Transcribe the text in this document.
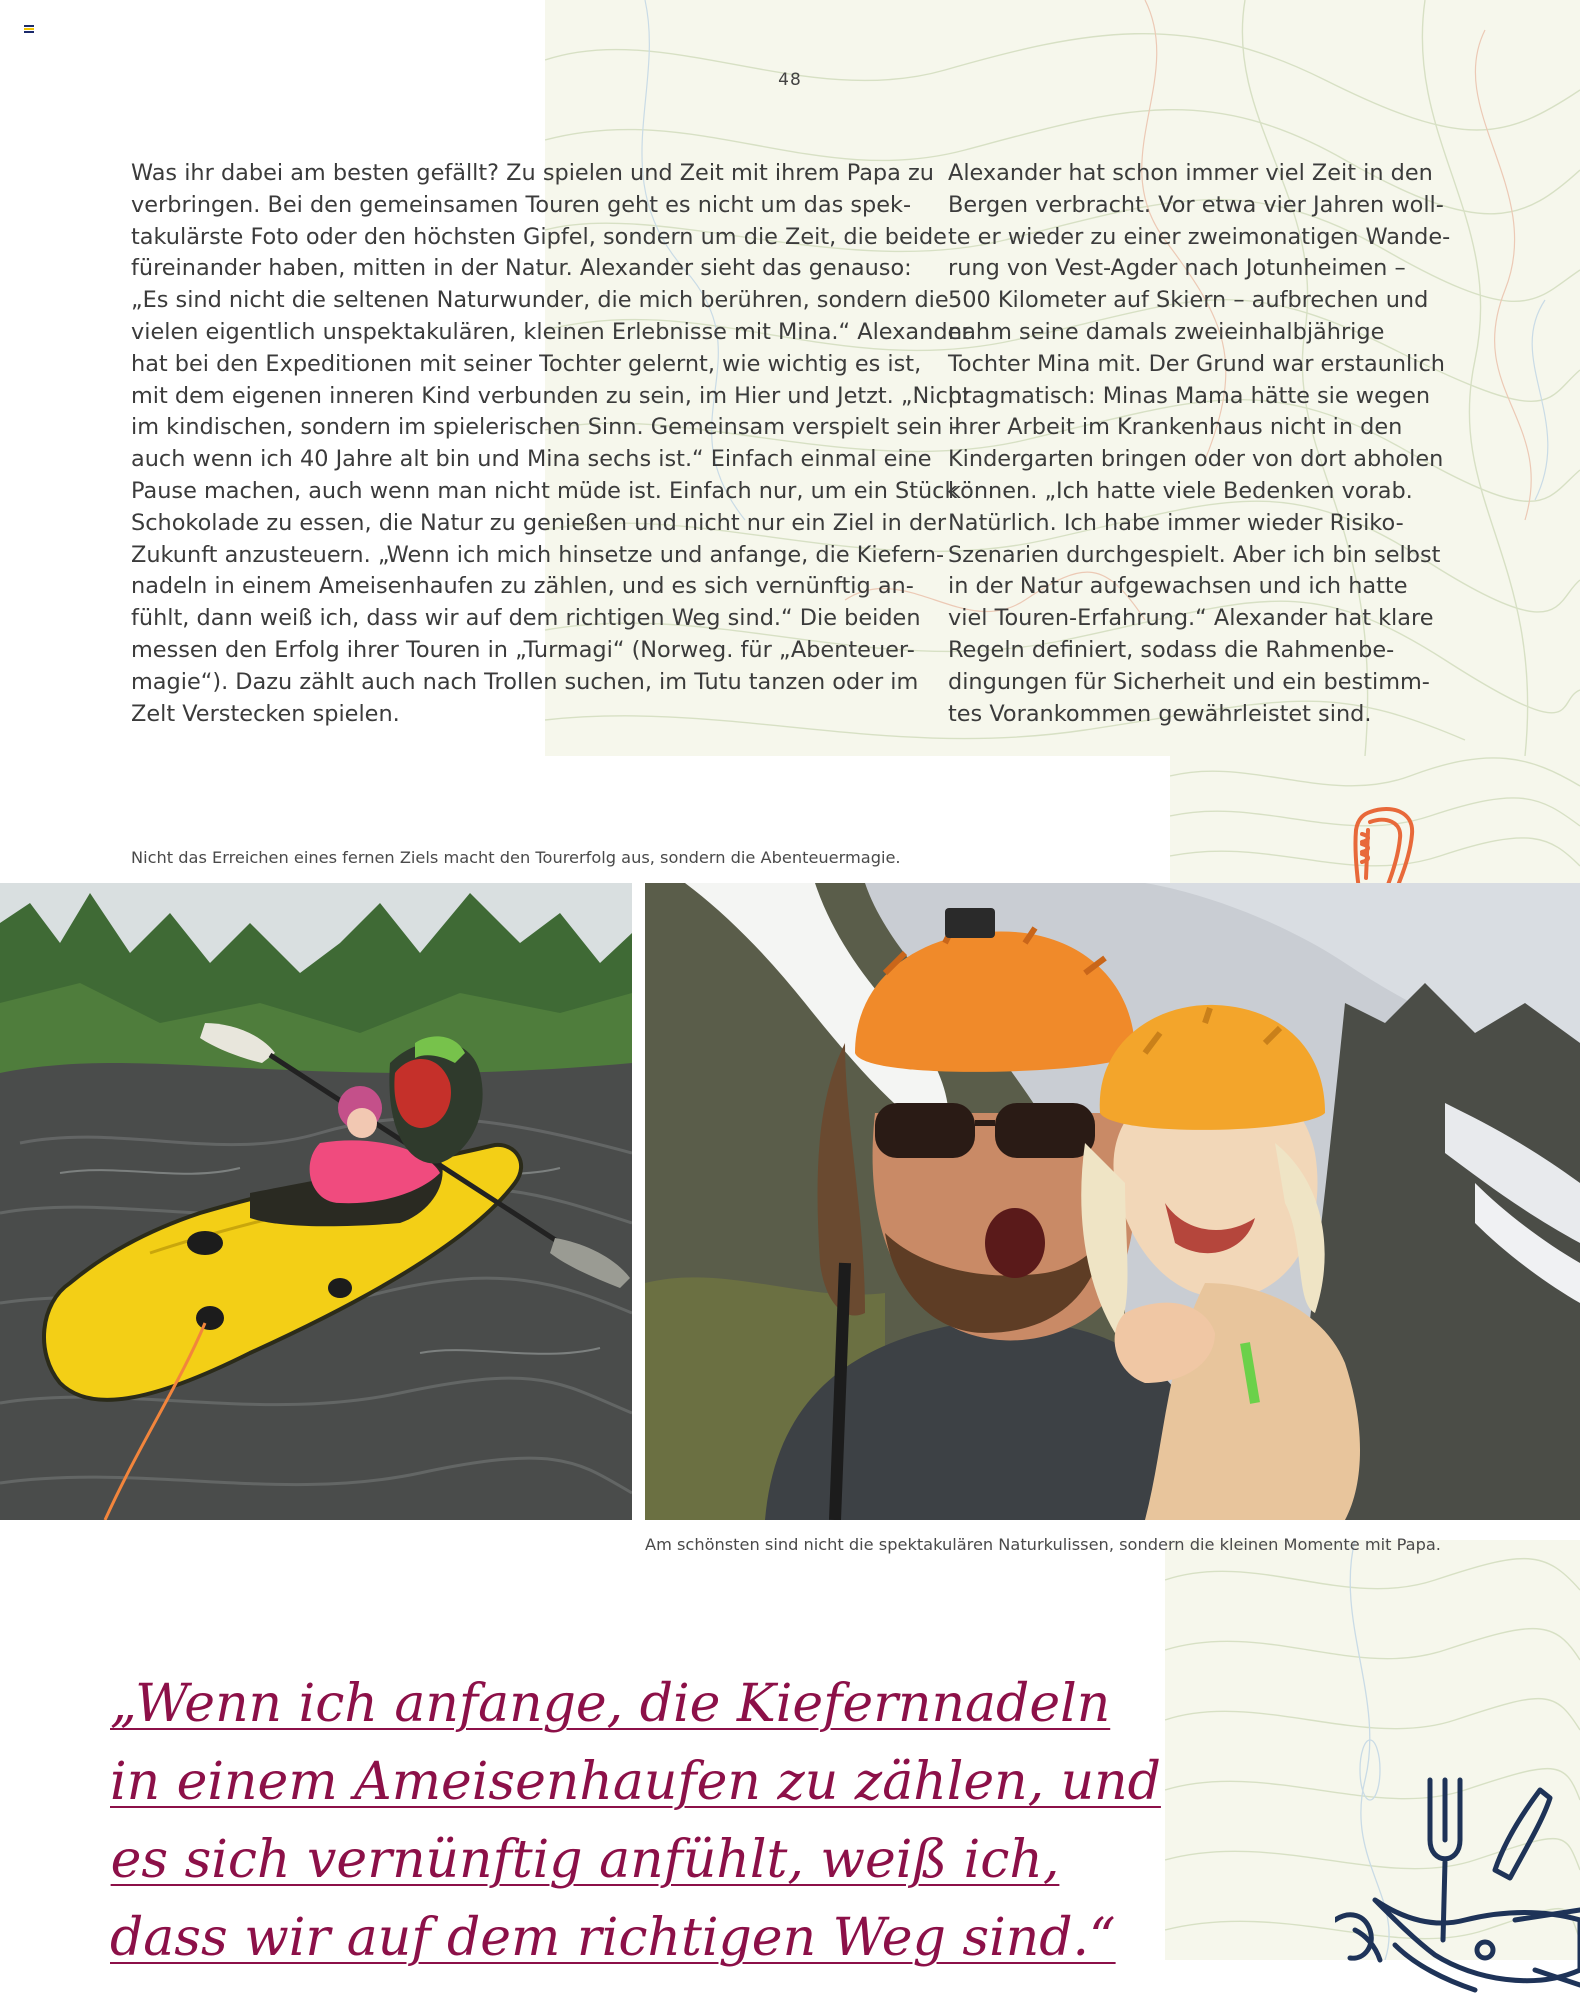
48

Was ihr dabei am besten gefällt? Zu spielen und Zeit mit ihrem Papa zu
verbringen. Bei den gemeinsamen Touren geht es nicht um das spek-
takulärste Foto oder den höchsten Gipfel, sondern um die Zeit, die beide
füreinander haben, mitten in der Natur. Alexander sieht das genauso:
„Es sind nicht die seltenen Naturwunder, die mich berühren, sondern die
vielen eigentlich unspektakulären, kleinen Erlebnisse mit Mina.“ Alexander
hat bei den Expeditionen mit seiner Tochter gelernt, wie wichtig es ist,
mit dem eigenen inneren Kind verbunden zu sein, im Hier und Jetzt. „Nicht
im kindischen, sondern im spielerischen Sinn. Gemeinsam verspielt sein –
auch wenn ich 40 Jahre alt bin und Mina sechs ist.“ Einfach einmal eine
Pause machen, auch wenn man nicht müde ist. Einfach nur, um ein Stück
Schokolade zu essen, die Natur zu genießen und nicht nur ein Ziel in der
Zukunft anzusteuern. „Wenn ich mich hinsetze und anfange, die Kiefern-
nadeln in einem Ameisenhaufen zu zählen, und es sich vernünftig an-
fühlt, dann weiß ich, dass wir auf dem richtigen Weg sind.“ Die beiden
messen den Erfolg ihrer Touren in „Turmagi“ (Norweg. für „Abenteuer-
magie“). Dazu zählt auch nach Trollen suchen, im Tutu tanzen oder im
Zelt Verstecken spielen.

Alexander hat schon immer viel Zeit in den
Bergen verbracht. Vor etwa vier Jahren woll-
te er wieder zu einer zweimonatigen Wande-
rung von Vest-Agder nach Jotunheimen –
500 Kilometer auf Skiern – aufbrechen und
nahm seine damals zweieinhalbjährige
Tochter Mina mit. Der Grund war erstaunlich
pragmatisch: Minas Mama hätte sie wegen
ihrer Arbeit im Krankenhaus nicht in den
Kindergarten bringen oder von dort abholen
können. „Ich hatte viele Bedenken vorab.
Natürlich. Ich habe immer wieder Risiko-
Szenarien durchgespielt. Aber ich bin selbst
in der Natur aufgewachsen und ich hatte
viel Touren-Erfahrung.“ Alexander hat klare
Regeln definiert, sodass die Rahmenbe-
dingungen für Sicherheit und ein bestimm-
tes Vorankommen gewährleistet sind.

Nicht das Erreichen eines fernen Ziels macht den Tourerfolg aus, sondern die Abenteuermagie.
Am schönsten sind nicht die spektakulären Naturkulissen, sondern die kleinen Momente mit Papa.
„Wenn ich anfange, die Kiefernnadeln
in einem Ameisenhaufen zu zählen, und
es sich vernünftig anfühlt, weiß ich,
dass wir auf dem richtigen Weg sind.“
